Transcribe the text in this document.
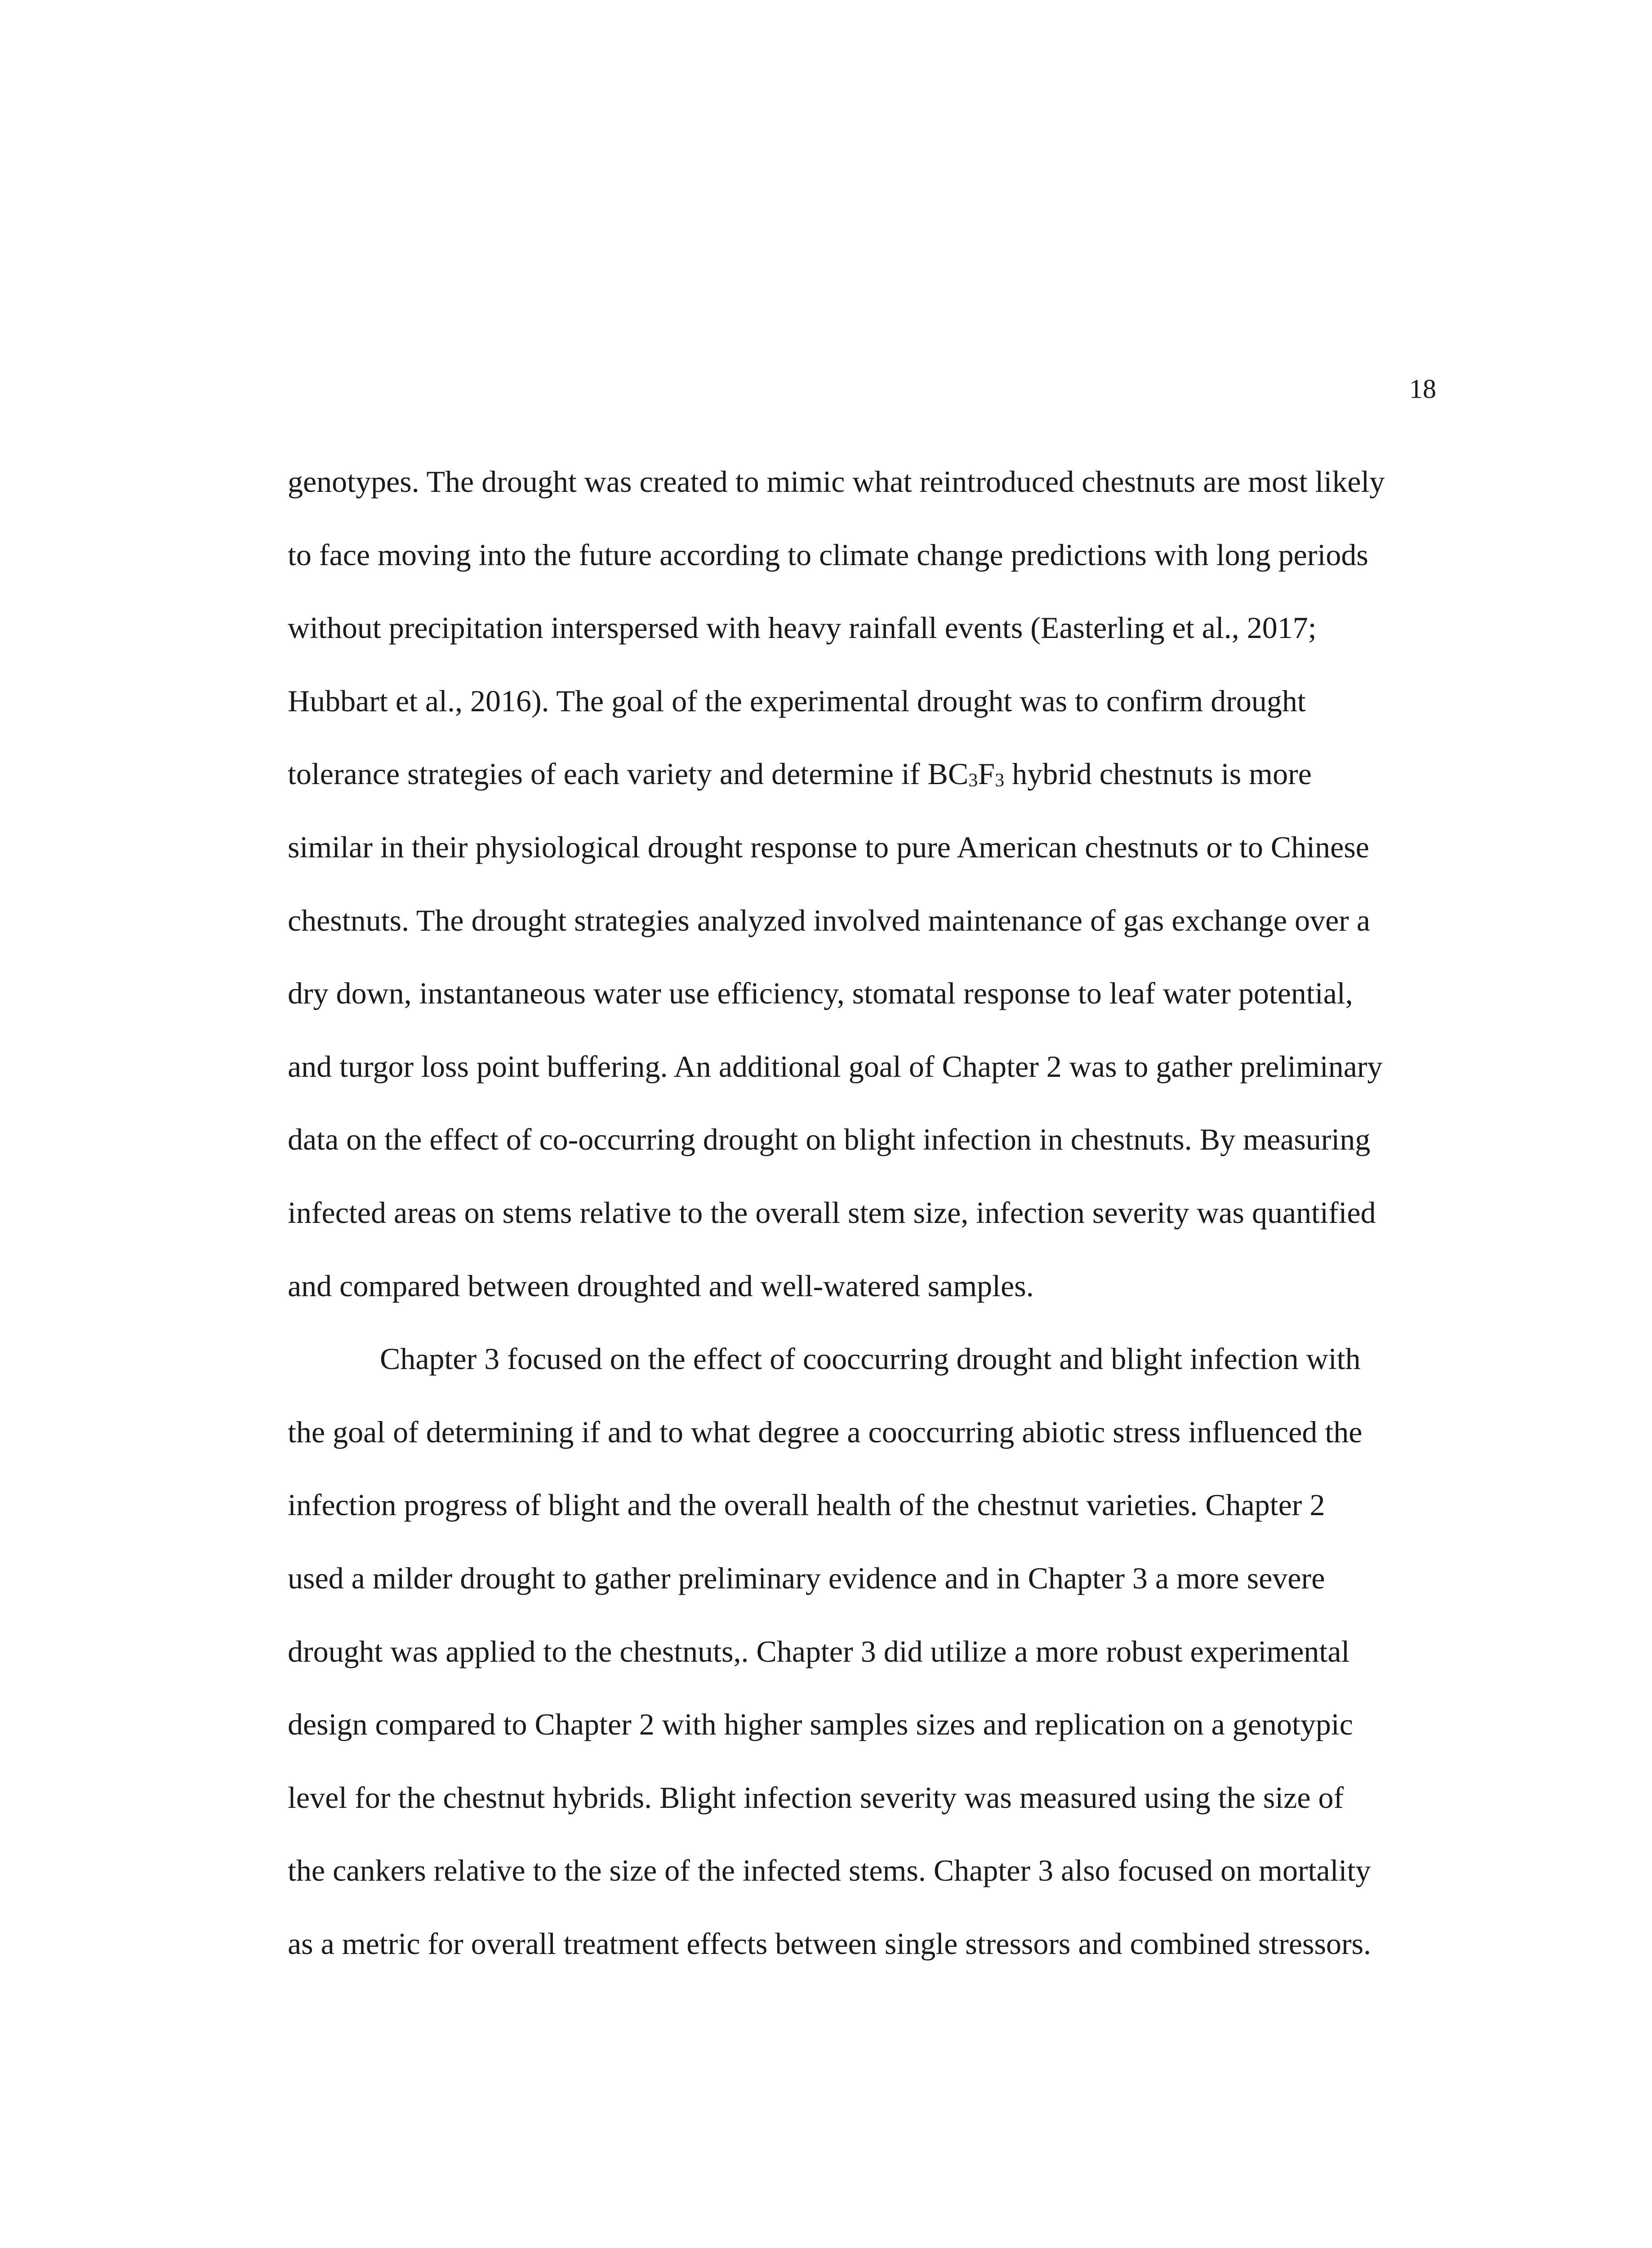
18
genotypes. The drought was created to mimic what reintroduced chestnuts are most likely
to face moving into the future according to climate change predictions with long periods
without precipitation interspersed with heavy rainfall events (Easterling et al., 2017;
Hubbart et al., 2016). The goal of the experimental drought was to confirm drought
tolerance strategies of each variety and determine if $BC_3F_3$ hybrid chestnuts is more
similar in their physiological drought response to pure American chestnuts or to Chinese
chestnuts. The drought strategies analyzed involved maintenance of gas exchange over a
dry down, instantaneous water use efficiency, stomatal response to leaf water potential,
and turgor loss point buffering. An additional goal of Chapter 2 was to gather preliminary
data on the effect of co-occurring drought on blight infection in chestnuts. By measuring
infected areas on stems relative to the overall stem size, infection severity was quantified
and compared between droughted and well-watered samples.
Chapter 3 focused on the effect of cooccurring drought and blight infection with
the goal of determining if and to what degree a cooccurring abiotic stress influenced the
infection progress of blight and the overall health of the chestnut varieties. Chapter 2
used a milder drought to gather preliminary evidence and in Chapter 3 a more severe
drought was applied to the chestnuts,. Chapter 3 did utilize a more robust experimental
design compared to Chapter 2 with higher samples sizes and replication on a genotypic
level for the chestnut hybrids. Blight infection severity was measured using the size of
the cankers relative to the size of the infected stems. Chapter 3 also focused on mortality
as a metric for overall treatment effects between single stressors and combined stressors.
